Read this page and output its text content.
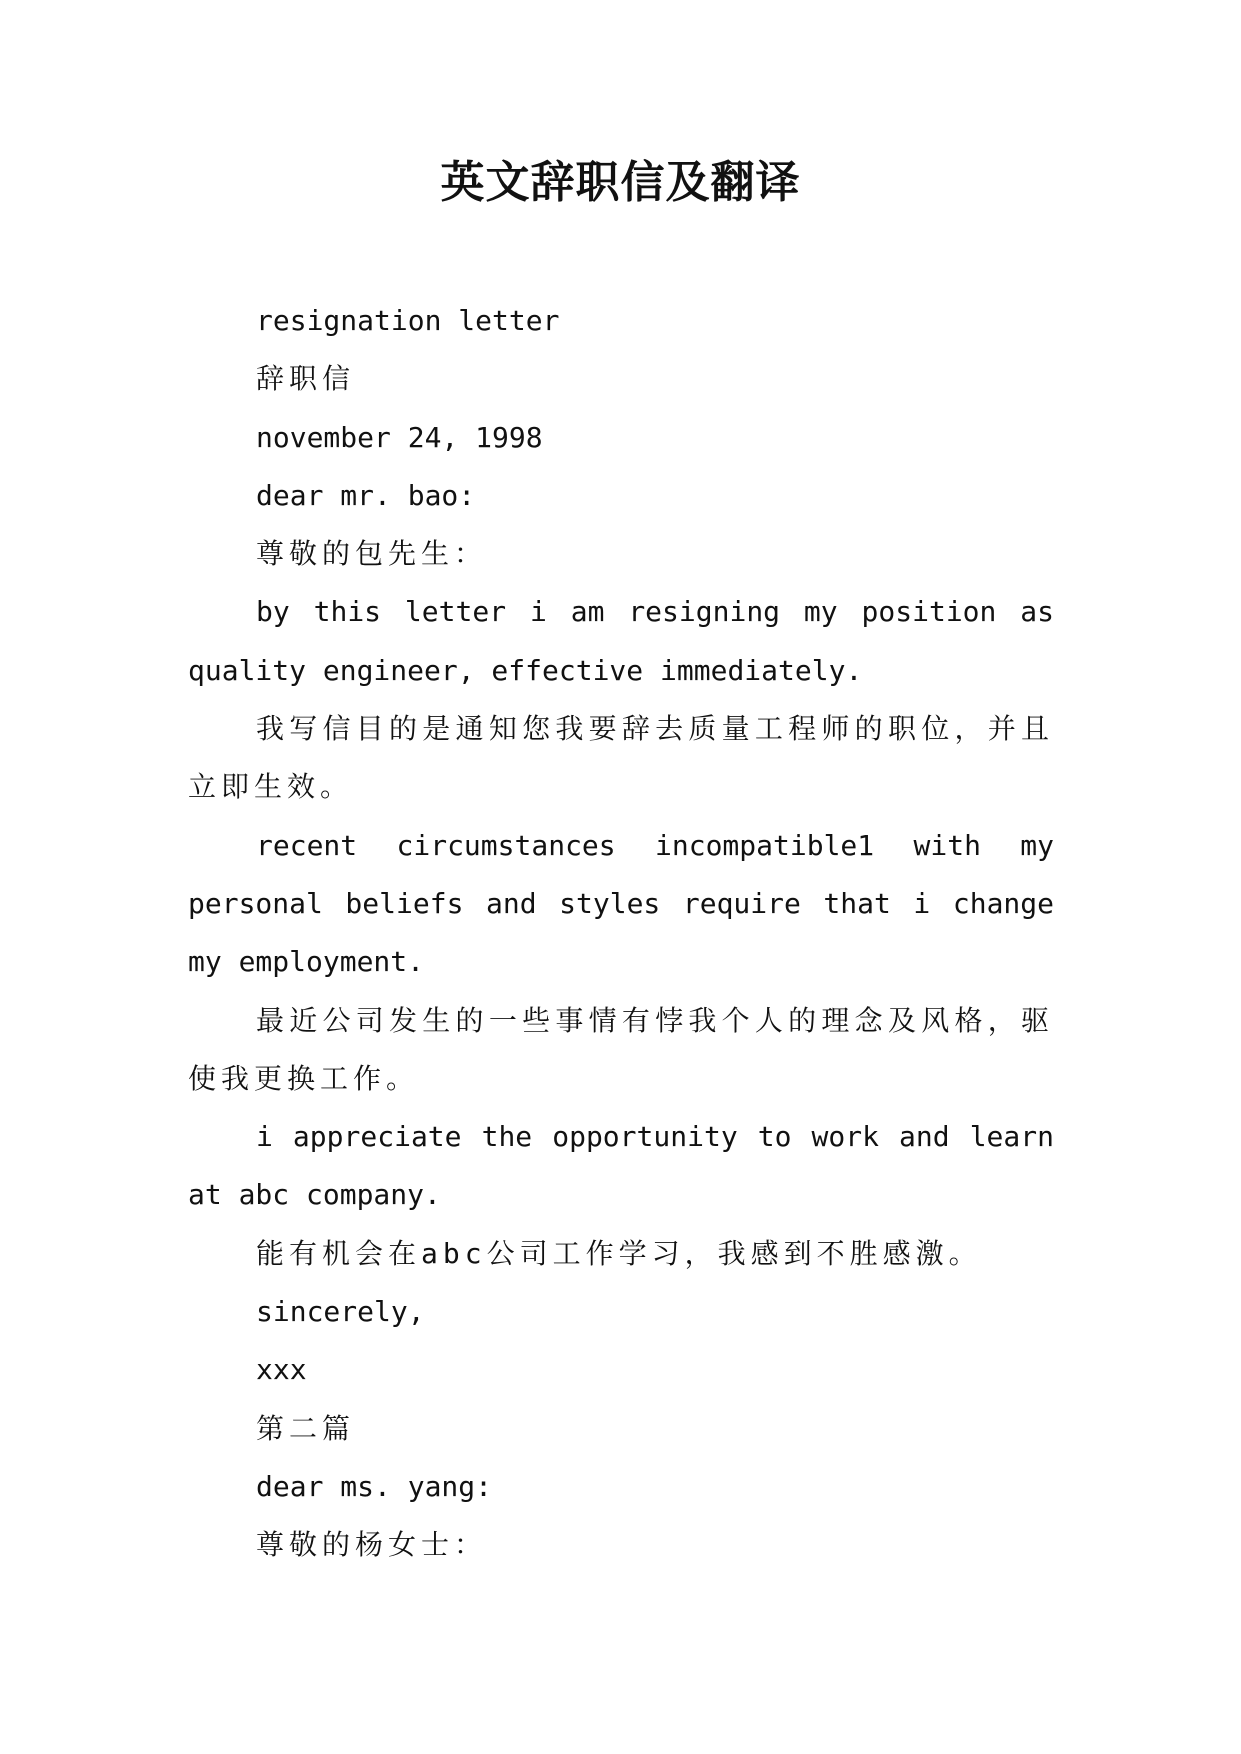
英文辞职信及翻译

resignation letter

辞职信

november 24, 1998

dear mr. bao:

尊敬的包先生：

by this letter i am resigning my position as quality engineer, effective immediately.

我写信目的是通知您我要辞去质量工程师的职位，并且立即生效。

recent circumstances incompatible1 with my personal beliefs and styles require that i change my employment.

最近公司发生的一些事情有悖我个人的理念及风格，驱使我更换工作。

i appreciate the opportunity to work and learn at abc company.

能有机会在abc公司工作学习，我感到不胜感激。

sincerely,

xxx

第二篇

dear ms. yang:

尊敬的杨女士：
